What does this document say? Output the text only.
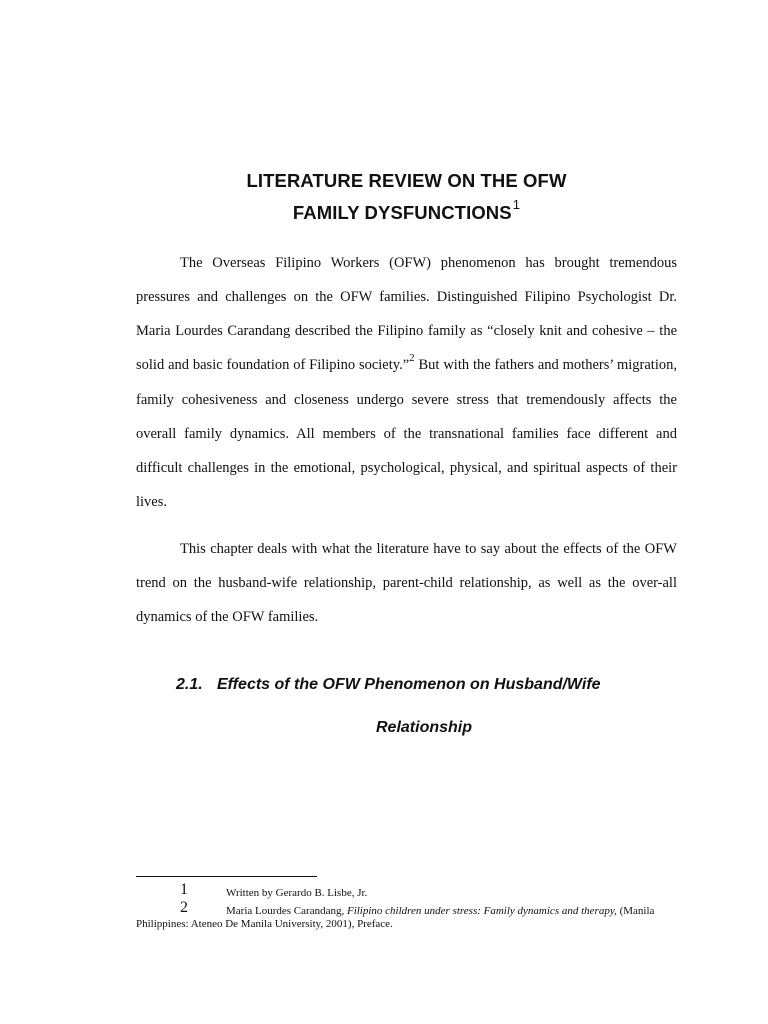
LITERATURE REVIEW ON THE OFW
FAMILY DYSFUNCTIONS$^1$

The Overseas Filipino Workers (OFW) phenomenon has brought tremendous pressures and challenges on the OFW families. Distinguished Filipino Psychologist Dr. Maria Lourdes Carandang described the Filipino family as “closely knit and cohesive – the solid and basic foundation of Filipino society.”$^2$ But with the fathers and mothers’ migration, family cohesiveness and closeness undergo severe stress that tremendously affects the overall family dynamics. All members of the transnational families face different and difficult challenges in the emotional, psychological, physical, and spiritual aspects of their lives.

This chapter deals with what the literature have to say about the effects of the OFW trend on the husband-wife relationship, parent-child relationship, as well as the over-all dynamics of the OFW families.

2.1. Effects of the OFW Phenomenon on Husband/Wife
Relationship
1	Written by Gerardo B. Lisbe, Jr.
2	Maria Lourdes Carandang, Filipino children under stress: Family dynamics and therapy, (Manila Philippines: Ateneo De Manila University, 2001), Preface.
